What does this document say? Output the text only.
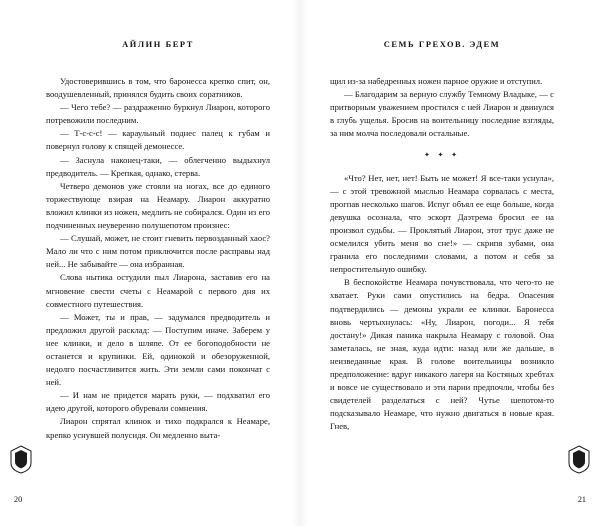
АЙЛИН БЕРТ

Удостоверившись в том, что баронесса крепко спит, он, воодушевленный, принялся будить своих соратников.

— Чего тебе? — раздраженно буркнул Лиарон, которого потревожили последним.

— Т-с-с-с! — караульный поднес палец к губам и повернул голову к спящей демонессе.

— Заснула наконец-таки, — облегченно выдыхнул предводитель. — Крепкая, однако, стерва.

Четверо демонов уже стояли на ногах, все до единого торжествующе взирая на Неамару. Лиарон аккуратно вложил клинки из ножен, медлить не собирался. Один из его подчиненных неуверенно полушепотом произнес:

— Слушай, может, не стоит гневить первозданный хаос? Мало ли что с ним потом приключится после расправы над ней... Не забывайте — она избранная.

Слова нытика остудили пыл Лиарона, заставив его на мгновение свести счеты с Неамарой с первого дня их совместного путешествия.

— Может, ты и прав, — задумался предводитель и предложил другой расклад: — Поступим иначе. Заберем у нее клинки, и дело в шляпе. От ее богоподобности не останется и крупинки. Ей, одинокой и обезоруженной, недолго посчастливится жить. Эти земли сами покончат с ней.

— И нам не придется марать руки, — подхватил его идею другой, которого обуревали сомнения.

Лиарон спрятал клинок и тихо подкрался к Неамаре, крепко уснувшей полусидя. Он медленно выта-

20
СЕМЬ ГРЕХОВ. ЭДЕМ

щил из-за набедренных ножен парное оружие и отступил.

— Благодарим за верную службу Темному Владыке, — с притворным уважением простился с ней Лиарон и двинулся в глубь ущелья. Бросив на воительницу последние взгляды, за ним молча последовали остальные.

✦ ✦ ✦

«Что? Нет, нет, нет! Быть не может! Я все-таки уснула», — с этой тревожной мыслью Неамара сорвалась с места, прогпав несколько шагов. Испуг объял ее еще больше, когда девушка осознала, что эскорт Даэтрема бросил ее на произвол судьбы. — Проклятый Лиарон, этот трус даже не осмелился убить меня во сне!» — скрипя зубами, она гранила его последними словами, а потом и себя за непростительную ошибку.

В беспокойстве Неамара почувствовала, что чего-то не хватает. Руки сами опустились на бедра. Опасения подтвердились — демоны украли ее клинки. Баронесса вновь чертыхнулась: «Ну, Лиарон, погоди... Я тебя достану!» Дикая паника накрыла Неамару с головой. Она заметалась, не зная, куда идти: назад или же дальше, в неизведанные края. В голове воительницы возникло предположение: вдруг никакого лагеря на Костяных хребтах и вовсе не существовало и эти парни предпочли, чтобы без свидетелей разделаться с ней? Чутье шепотом-то подсказывало Неамаре, что нужно двигаться в новые края. Гнев,

21
